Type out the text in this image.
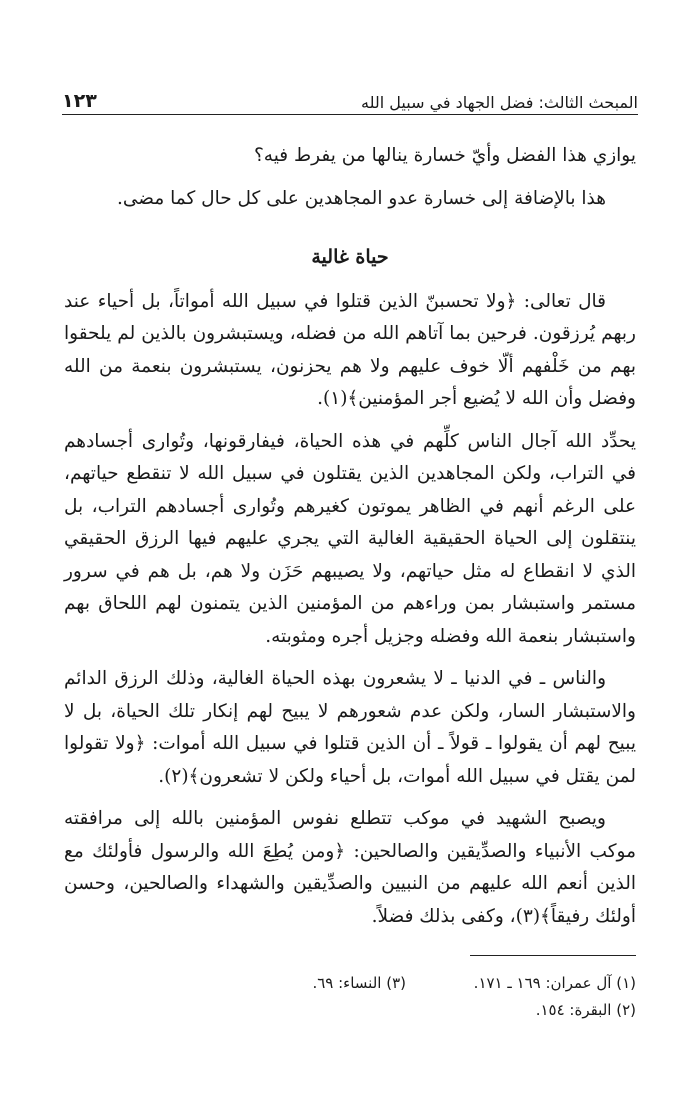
المبحث الثالث: فضل الجهاد في سبيل الله
١٢٣

يوازي هذا الفضل وأيّ خسارة ينالها من يفرط فيه؟

هذا بالإضافة إلى خسارة عدو المجاهدين على كل حال كما مضى.

حياة غالية

قال تعالى: ﴿ولا تحسبنّ الذين قتلوا في سبيل الله أمواتاً، بل أحياء عند ربهم يُرزقون. فرحين بما آتاهم الله من فضله، ويستبشرون بالذين لم يلحقوا بهم من خَلْفهم ألّا خوف عليهم ولا هم يحزنون، يستبشرون بنعمة من الله وفضل وأن الله لا يُضيع أجر المؤمنين﴾(١).

يحدِّد الله آجال الناس كلِّهم في هذه الحياة، فيفارقونها، وتُوارى أجسادهم في التراب، ولكن المجاهدين الذين يقتلون في سبيل الله لا تنقطع حياتهم، على الرغم أنهم في الظاهر يموتون كغيرهم وتُوارى أجسادهم التراب، بل ينتقلون إلى الحياة الحقيقية الغالية التي يجري عليهم فيها الرزق الحقيقي الذي لا انقطاع له مثل حياتهم، ولا يصيبهم حَزَن ولا هم، بل هم في سرور مستمر واستبشار بمن وراءهم من المؤمنين الذين يتمنون لهم اللحاق بهم واستبشار بنعمة الله وفضله وجزيل أجره ومثوبته.

والناس ـ في الدنيا ـ لا يشعرون بهذه الحياة الغالية، وذلك الرزق الدائم والاستبشار السار، ولكن عدم شعورهم لا يبيح لهم إنكار تلك الحياة، بل لا يبيح لهم أن يقولوا ـ قولاً ـ أن الذين قتلوا في سبيل الله أموات: ﴿ولا تقولوا لمن يقتل في سبيل الله أموات، بل أحياء ولكن لا تشعرون﴾(٢).

ويصبح الشهيد في موكب تتطلع نفوس المؤمنين بالله إلى مرافقته موكب الأنبياء والصدِّيقين والصالحين: ﴿ومن يُطِعَ الله والرسول فأولئك مع الذين أنعم الله عليهم من النبيين والصدِّيقين والشهداء والصالحين، وحسن أولئك رفيقاً﴾(٣)، وكفى بذلك فضلاً.

(١) آل عمران: ١٦٩ ـ ١٧١.
(٣) النساء: ٦٩.
(٢) البقرة: ١٥٤.
